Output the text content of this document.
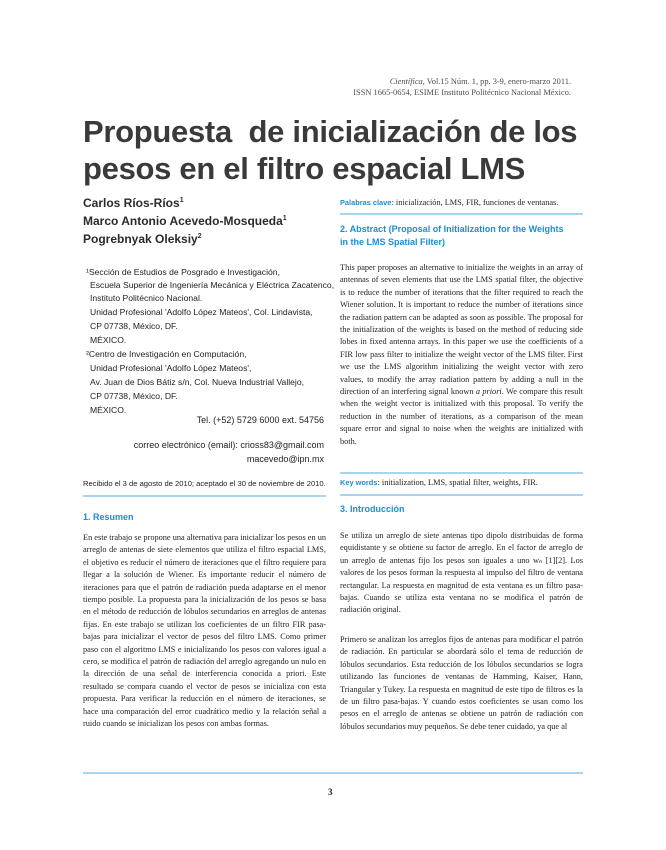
Científica, Vol.15 Núm. 1, pp. 3-9, enero-marzo 2011.
ISSN 1665-0654, ESIME Instituto Politécnico Nacional México.
Propuesta  de inicialización de los
pesos en el filtro espacial LMS
Carlos Ríos-Ríos$^1$
Marco Antonio Acevedo-Mosqueda$^1$
Pogrebnyak Oleksiy$^2$
¹Sección de Estudios de Posgrado e Investigación,
Escuela Superior de Ingeniería Mecánica y Eléctrica Zacatenco,
Instituto Politécnico Nacional.
Unidad Profesional 'Adolfo López Mateos', Col. Lindavista,
CP 07738, México, DF.
MÉXICO.
²Centro de Investigación en Computación,
Unidad Profesional 'Adolfo López Mateos',
Av. Juan de Dios Bátiz s/n, Col. Nueva Industrial Vallejo,
CP 07738, México, DF.
MÉXICO.
Tel. (+52) 5729 6000 ext. 54756
correo electrónico (email): crioss83@gmail.com
macevedo@ipn.mx
Recibido el 3 de agosto de 2010; aceptado el 30 de noviembre de 2010.
1. Resumen
En este trabajo se propone una alternativa para inicializar los pesos en un arreglo de antenas de siete elementos que utiliza el filtro espacial LMS, el objetivo es reducir el número de iteraciones que el filtro requiere para llegar a la solución de Wiener. Es importante reducir el número de iteraciones para que el patrón de radiación pueda adaptarse en el menor tiempo posible. La propuesta para la inicialización de los pesos se basa en el método de reducción de lóbulos secundarios en arreglos de antenas fijas. En este trabajo se utilizan los coeficientes de un filtro FIR pasa-bajas para inicializar el vector de pesos del filtro LMS. Como primer paso con el algoritmo LMS e inicializando los pesos con valores igual a cero, se modifica el patrón de radiación del arreglo agregando un nulo en la dirección de una señal de interferencia conocida a priori. Este resultado se compara cuando el vector de pesos se inicializa con esta propuesta. Para verificar la reducción en el número de iteraciones, se hace una comparación del error cuadrático medio y la relación señal a ruido cuando se inicializan los pesos con ambas formas.
Palabras clave: inicialización, LMS, FIR, funciones de ventanas.
2. Abstract (Proposal of Initialization for the Weights
in the LMS Spatial Filter)
This paper proposes an alternative to initialize the weights in an array of antennas of seven elements that use the LMS spatial filter, the objective is to reduce the number of iterations that the filter required to reach the Wiener solution. It is important to reduce the number of iterations since the radiation pattern can be adapted as soon as possible. The proposal for the initialization of the weights is based on the method of reducing side lobes in fixed antenna arrays. In this paper we use the coefficients of a FIR low pass filter to initialize the weight vector of the LMS filter. First we use the LMS algorithm initializing the weight vector with zero values, to modify the array radiation pattern by adding a null in the direction of an interfering signal known a priori. We compare this result when the weight vector is initialized with this proposal. To verify the reduction in the number of iterations, as a comparison of the mean square error and signal to noise when the weights are initialized with both.
Key words: initialization, LMS, spatial filter, weights, FIR.
3. Introducción
Se utiliza un arreglo de siete antenas tipo dipolo distribuidas de forma equidistante y se obtiene su factor de arreglo. En el factor de arreglo de un arreglo de antenas fijo los pesos son iguales a uno wₙ [1][2]. Los valores de los pesos forman la respuesta al impulso del filtro de ventana rectangular. La respuesta en magnitud de esta ventana es un filtro pasa-bajas. Cuando se utiliza esta ventana no se modifica el patrón de radiación original.
Primero se analizan los arreglos fijos de antenas para modificar el patrón de radiación. En particular se abordará sólo el tema de reducción de lóbulos secundarios. Esta reducción de los lóbulos secundarios se logra utilizando las funciones de ventanas de Hamming, Kaiser, Hann, Triangular y Tukey. La respuesta en magnitud de este tipo de filtros es la de un filtro pasa-bajas. Y cuando estos coeficientes se usan como los pesos en el arreglo de antenas se obtiene un patrón de radiación con lóbulos secundarios muy pequeños. Se debe tener cuidado, ya que al
3
